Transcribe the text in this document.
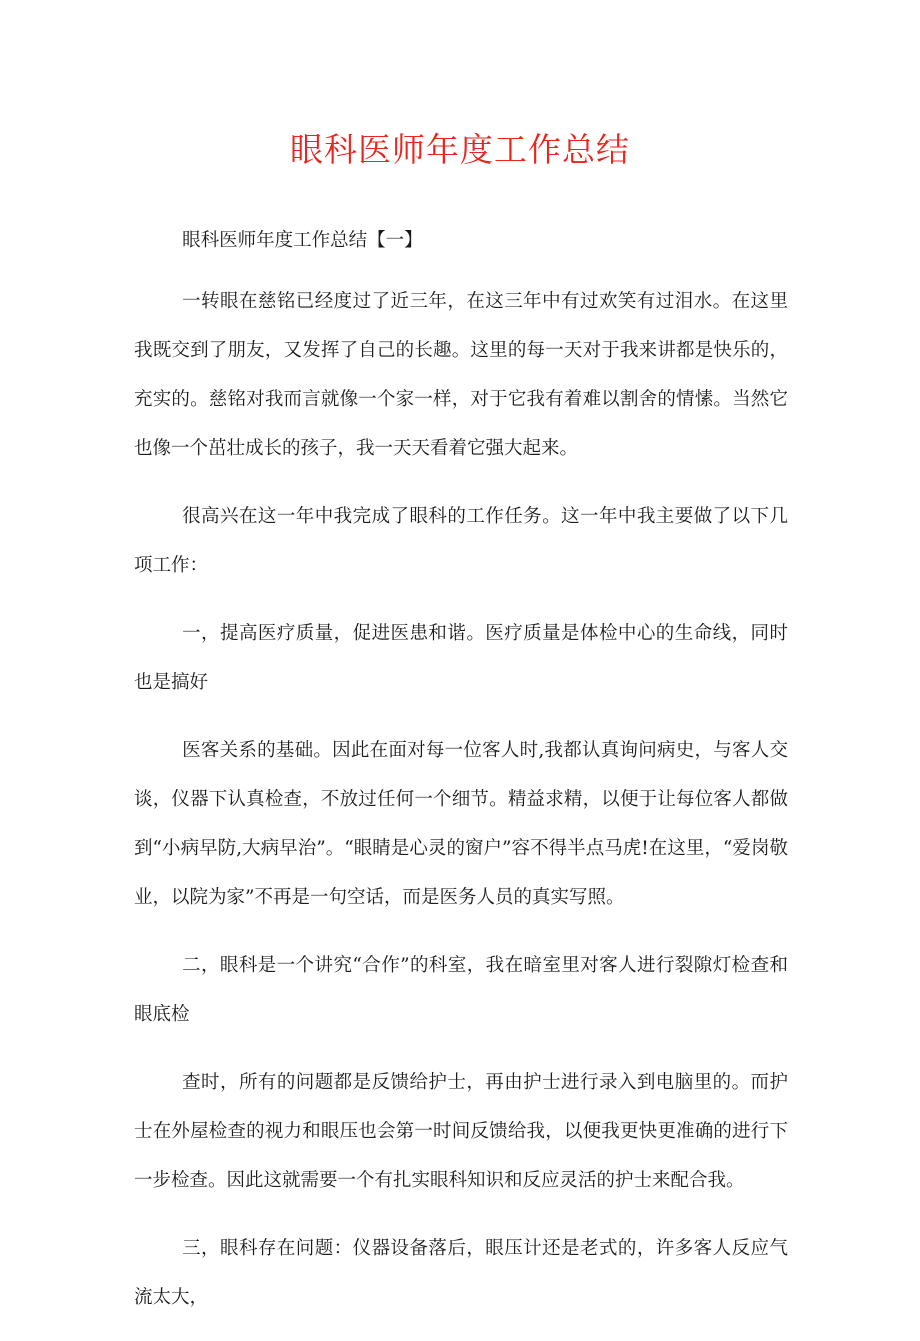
眼科医师年度工作总结

眼科医师年度工作总结【一】

一转眼在慈铭已经度过了近三年，在这三年中有过欢笑有过泪水。在这里我既交到了朋友，又发挥了自己的长趣。这里的每一天对于我来讲都是快乐的，充实的。慈铭对我而言就像一个家一样，对于它我有着难以割舍的情愫。当然它也像一个茁壮成长的孩子，我一天天看着它强大起来。

很高兴在这一年中我完成了眼科的工作任务。这一年中我主要做了以下几项工作：

一，提高医疗质量，促进医患和谐。医疗质量是体检中心的生命线，同时也是搞好

医客关系的基础。因此在面对每一位客人时,我都认真询问病史，与客人交谈，仪器下认真检查，不放过任何一个细节。精益求精，以便于让每位客人都做到“小病早防,大病早治”。“眼睛是心灵的窗户”容不得半点马虎!在这里，“爱岗敬业，以院为家”不再是一句空话，而是医务人员的真实写照。

二，眼科是一个讲究“合作”的科室，我在暗室里对客人进行裂隙灯检查和眼底检

查时，所有的问题都是反馈给护士，再由护士进行录入到电脑里的。而护士在外屋检查的视力和眼压也会第一时间反馈给我，以便我更快更准确的进行下一步检查。因此这就需要一个有扎实眼科知识和反应灵活的护士来配合我。

三，眼科存在问题：仪器设备落后，眼压计还是老式的，许多客人反应气流太大，
